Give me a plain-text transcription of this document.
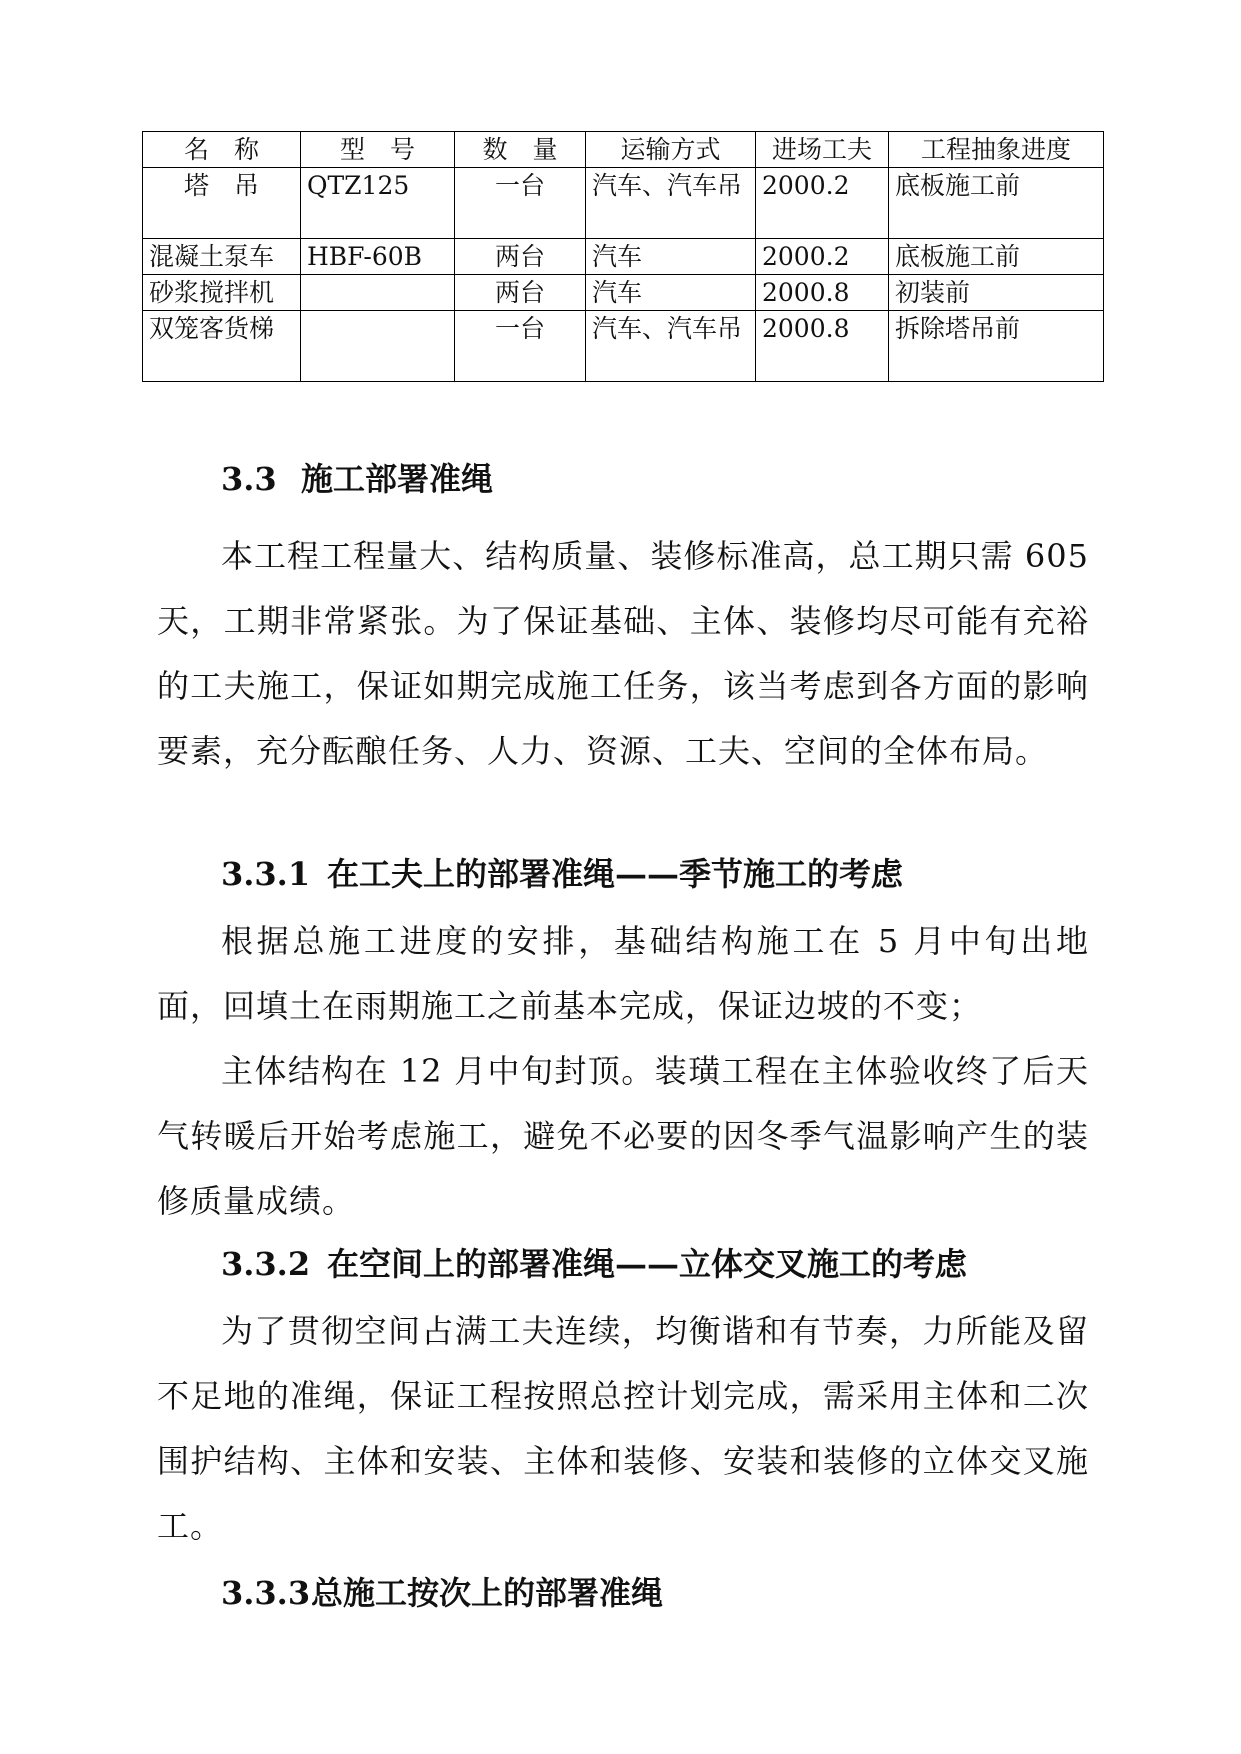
名　称	型　号	数　量	运输方式	进场工夫	工程抽象进度
塔　吊	QTZ125	一台	汽车、汽车吊	2000.2	底板施工前
混凝土泵车	HBF-60B	两台	汽车	2000.2	底板施工前
砂浆搅拌机		两台	汽车	2000.8	初装前
双笼客货梯		一台	汽车、汽车吊	2000.8	拆除塔吊前
3.3 施工部署准绳

本工程工程量大、结构质量、装修标准高，总工期只需 605 天，工期非常紧张。为了保证基础、主体、装修均尽可能有充裕的工夫施工，保证如期完成施工任务，该当考虑到各方面的影响要素，充分酝酿任务、人力、资源、工夫、空间的全体布局。

3.3.1 在工夫上的部署准绳——季节施工的考虑

根据总施工进度的安排，基础结构施工在 5 月中旬出地面，回填土在雨期施工之前基本完成，保证边坡的不变；

主体结构在 12 月中旬封顶。装璜工程在主体验收终了后天气转暖后开始考虑施工，避免不必要的因冬季气温影响产生的装修质量成绩。

3.3.2 在空间上的部署准绳——立体交叉施工的考虑

为了贯彻空间占满工夫连续，均衡谐和有节奏，力所能及留不足地的准绳，保证工程按照总控计划完成，需采用主体和二次围护结构、主体和安装、主体和装修、安装和装修的立体交叉施工。

3.3.3总施工按次上的部署准绳
